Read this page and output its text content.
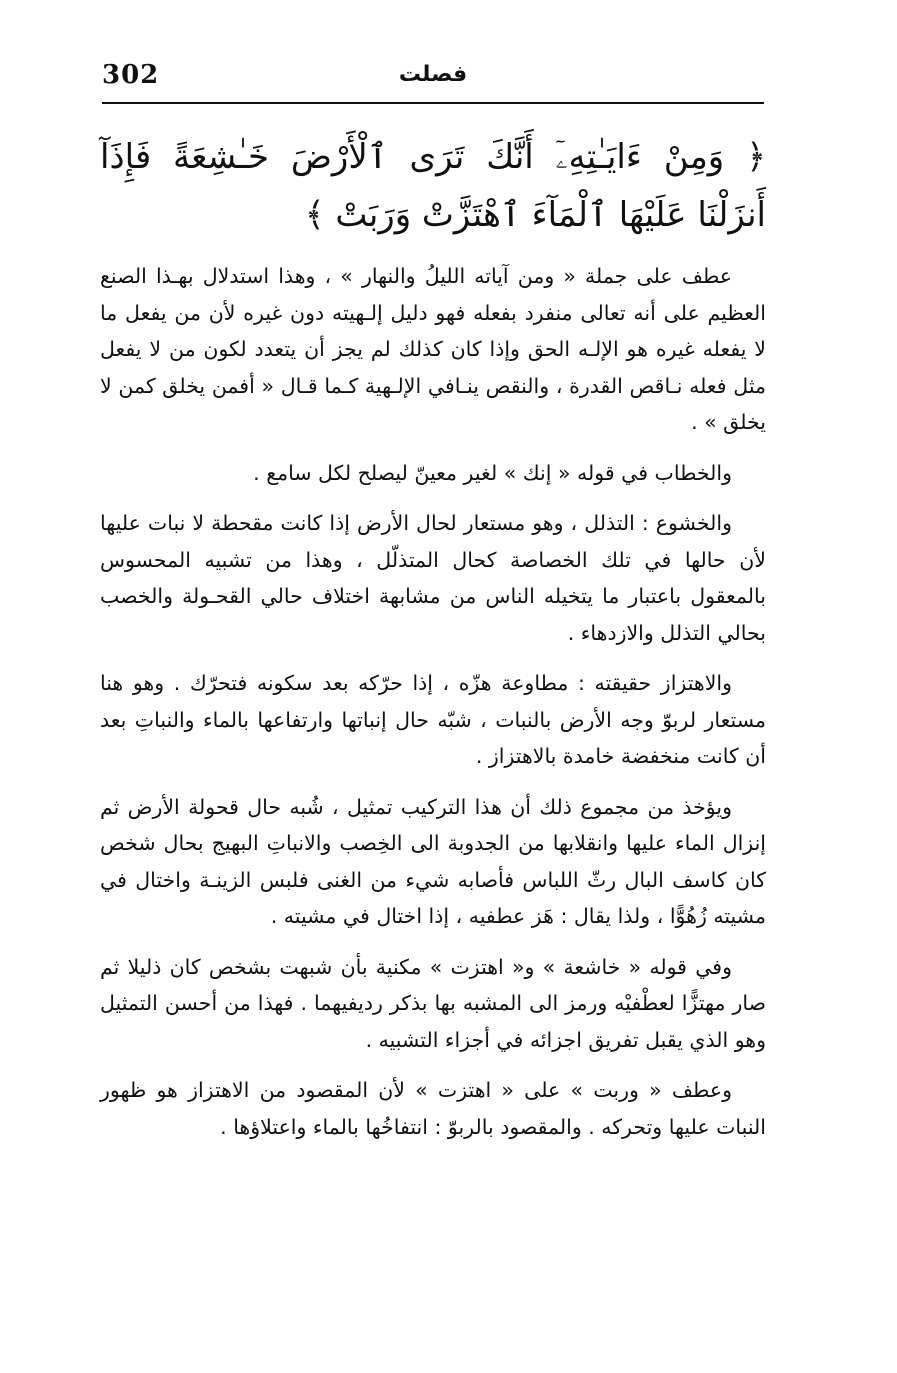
302	فصلت
﴿ وَمِنْ ءَايَـٰتِهِۦٓ أَنَّكَ تَرَى ٱلْأَرْضَ خَـٰشِعَةً فَإِذَآ أَنزَلْنَا عَلَيْهَا ٱلْمَآءَ ٱهْتَزَّتْ وَرَبَتْ ﴾

عطف على جملة « ومن آياته الليلُ والنهار » ، وهذا استدلال بهـذا الصنع العظيم على أنه تعالى منفرد بفعله فهو دليل إلـهيته دون غيره لأن من يفعل ما لا يفعله غيره هو الإلـه الحق وإذا كان كذلك لم يجز أن يتعدد لكون من لا يفعل مثل فعله نـاقص القدرة ، والنقص ينـافي الإلـهية كـما قـال « أفمن يخلق كمن لا يخلق » .

والخطاب في قوله « إنك » لغير معينّ ليصلح لكل سامع .

والخشوع : التذلل ، وهو مستعار لحال الأرض إذا كانت مقحطة لا نبات عليها لأن حالها في تلك الخصاصة كحال المتذلّل ، وهذا من تشبيه المحسوس بالمعقول باعتبار ما يتخيله الناس من مشابهة اختلاف حالي القحـولة والخصب بحالي التذلل والازدهاء .

والاهتزاز حقيقته : مطاوعة هزّه ، إذا حرّكه بعد سكونه فتحرّك . وهو هنا مستعار لربوّ وجه الأرض بالنبات ، شبّه حال إنباتها وارتفاعها بالماء والنباتِ بعد أن كانت منخفضة خامدة بالاهتزاز .

ويؤخذ من مجموع ذلك أن هذا التركيب تمثيل ، شُبه حال قحولة الأرض ثم إنزال الماء عليها وانقلابها من الجدوبة الى الخِصب والانباتِ البهيج بحال شخص كان كاسف البال رثّ اللباس فأصابه شيء من الغنى فلبس الزينـة واختال في مشيته زُهُوًّا ، ولذا يقال : هَز عطفيه ، إذا اختال في مشيته .

وفي قوله « خاشعة » و« اهتزت » مكنية بأن شبهت بشخص كان ذليلا ثم صار مهتزًّا لعطْفيْه ورمز الى المشبه بها بذكر رديفيهما . فهذا من أحسن التمثيل وهو الذي يقبل تفريق اجزائه في أجزاء التشبيه .

وعطف « وربت » على « اهتزت » لأن المقصود من الاهتزاز هو ظهور النبات عليها وتحركه . والمقصود بالربوّ : انتفاخُها بالماء واعتلاؤها .
